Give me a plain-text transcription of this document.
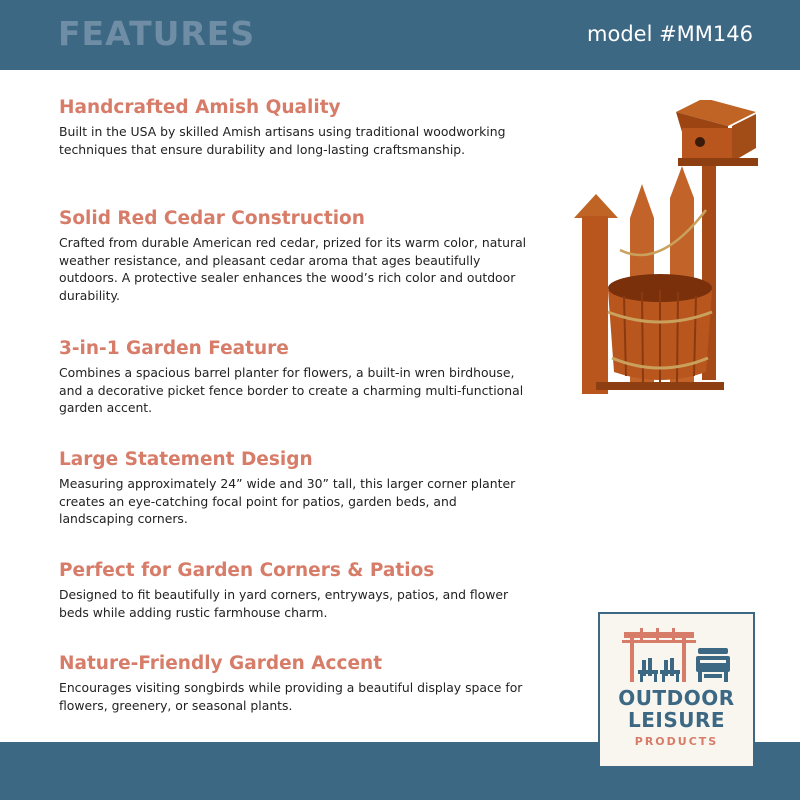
FEATURES	model #MM146
Handcrafted Amish Quality
Built in the USA by skilled Amish artisans using traditional woodworking techniques that ensure durability and long-lasting craftsmanship.
Solid Red Cedar Construction
Crafted from durable American red cedar, prized for its warm color, natural weather resistance, and pleasant cedar aroma that ages beautifully outdoors. A protective sealer enhances the wood’s rich color and outdoor durability.
3-in-1 Garden Feature
Combines a spacious barrel planter for flowers, a built-in wren birdhouse, and a decorative picket fence border to create a charming multi-functional garden accent.
Large Statement Design
Measuring approximately 24” wide and 30” tall, this larger corner planter creates an eye-catching focal point for patios, garden beds, and landscaping corners.
Perfect for Garden Corners & Patios
Designed to fit beautifully in yard corners, entryways, patios, and flower beds while adding rustic farmhouse charm.
Nature-Friendly Garden Accent
Encourages visiting songbirds while providing a beautiful display space for flowers, greenery, or seasonal plants.	OUTDOOR
LEISURE
PRODUCTS
